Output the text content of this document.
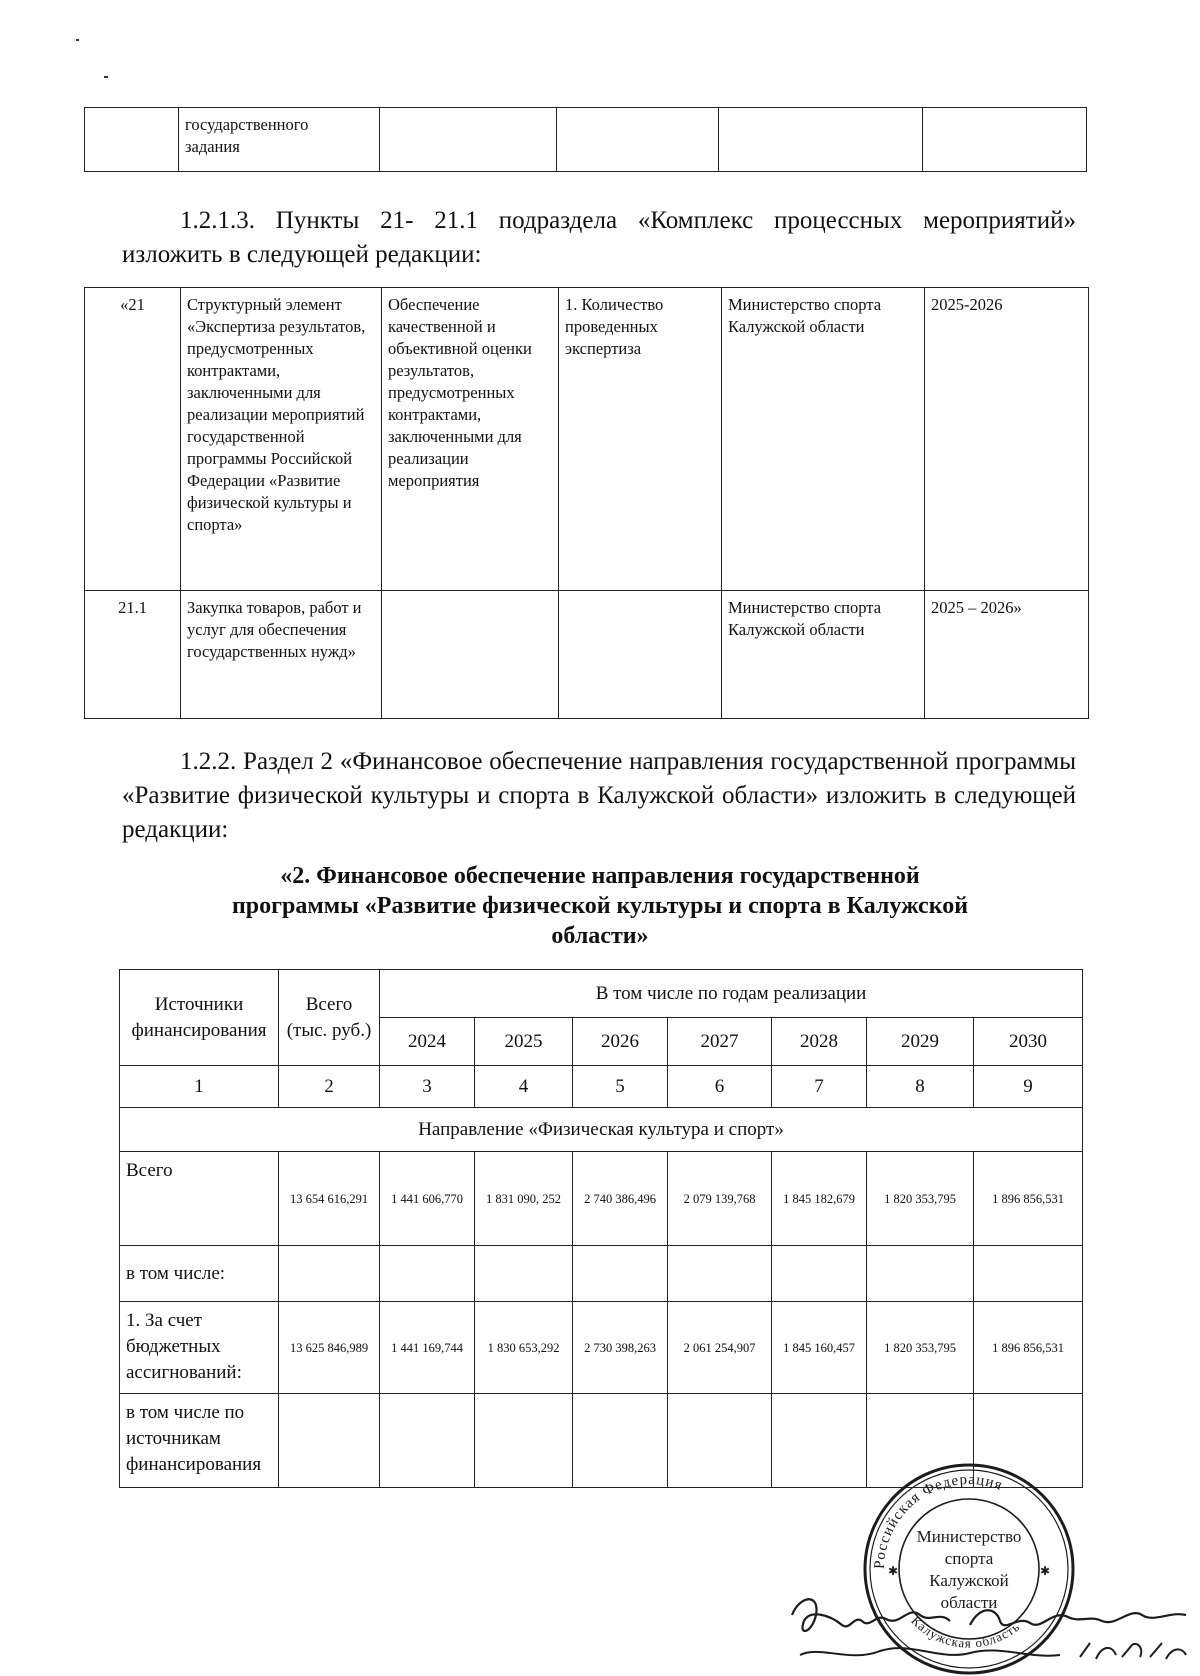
	государственного
задания				
1.2.1.3. Пункты 21- 21.1 подраздела «Комплекс процессных мероприятий» изложить в следующей редакции:
«21	Структурный элемент «Экспертиза результатов, предусмотренных контрактами, заключенными для реализации мероприятий государственной программы Российской Федерации «Развитие физической культуры и спорта»	Обеспечение качественной и объективной оценки результатов, предусмотренных контрактами, заключенными для реализации мероприятия	1. Количество проведенных экспертиза	Министерство спорта Калужской области	2025-2026
21.1	Закупка товаров, работ и услуг для обеспечения государственных нужд»			Министерство спорта Калужской области	2025 – 2026»
1.2.2. Раздел 2 «Финансовое обеспечение направления государственной программы «Развитие физической культуры и спорта в Калужской области» изложить в следующей редакции:
«2. Финансовое обеспечение направления государственной программы «Развитие физической культуры и спорта в Калужской области»
Источники финансирования	Всего (тыс. руб.)	В том числе по годам реализации						
		2024	2025	2026	2027	2028	2029	2030
1	2	3	4	5	6	7	8	9
Направление «Физическая культура и спорт»								
Всего	13 654 616,291	1 441 606,770	1 831 090, 252	2 740 386,496	2 079 139,768	1 845 182,679	1 820 353,795	1 896 856,531
в том числе:								
1. За счет бюджетных ассигнований:	13 625 846,989	1 441 169,744	1 830 653,292	2 730 398,263	2 061 254,907	1 845 160,457	1 820 353,795	1 896 856,531
в том числе по источникам финансирования								
Российская Федерация
Калужская область
✱	✱
Министерство
спорта
Калужской
области
